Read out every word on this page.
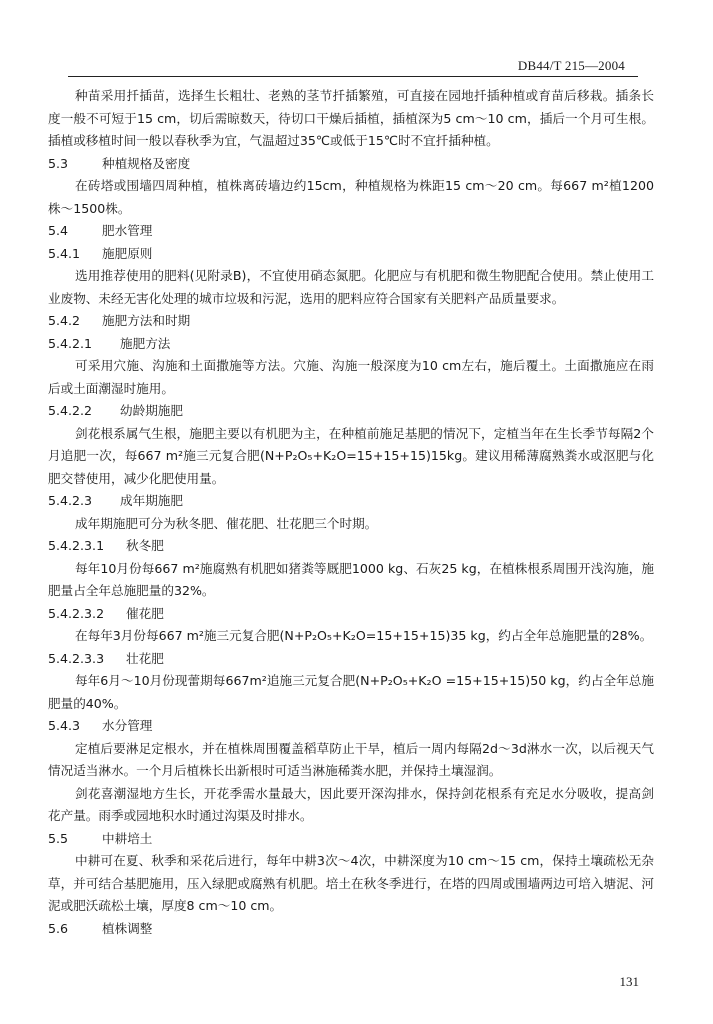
DB44/T 215—2004

种苗采用扦插苗，选择生长粗壮、老熟的茎节扦插繁殖，可直接在园地扦插种植或育苗后移栽。插条长度一般不可短于15 cm，切后需晾数天，待切口干燥后插植，插植深为5 cm～10 cm，插后一个月可生根。插植或移植时间一般以春秋季为宜，气温超过35℃或低于15℃时不宜扦插种植。

5.3	种植规格及密度

在砖塔或围墙四周种植，植株离砖墙边约15cm，种植规格为株距15 cm～20 cm。每667 m²植1200株～1500株。

5.4	肥水管理
5.4.1 施肥原则

选用推荐使用的肥料(见附录B)，不宜使用硝态氮肥。化肥应与有机肥和微生物肥配合使用。禁止使用工业废物、未经无害化处理的城市垃圾和污泥，选用的肥料应符合国家有关肥料产品质量要求。

5.4.2 施肥方法和时期
5.4.2.1 施肥方法

可采用穴施、沟施和土面撒施等方法。穴施、沟施一般深度为10 cm左右，施后覆土。土面撒施应在雨后或土面潮湿时施用。

5.4.2.2 幼龄期施肥

剑花根系属气生根，施肥主要以有机肥为主，在种植前施足基肥的情况下，定植当年在生长季节每隔2个月追肥一次，每667 m²施三元复合肥(N+P₂O₅+K₂O=15+15+15)15kg。建议用稀薄腐熟粪水或沤肥与化肥交替使用，减少化肥使用量。

5.4.2.3 成年期施肥

成年期施肥可分为秋冬肥、催花肥、壮花肥三个时期。

5.4.2.3.1 秋冬肥

每年10月份每667 m²施腐熟有机肥如猪粪等厩肥1000 kg、石灰25 kg，在植株根系周围开浅沟施，施肥量占全年总施肥量的32%。

5.4.2.3.2 催花肥

在每年3月份每667 m²施三元复合肥(N+P₂O₅+K₂O=15+15+15)35 kg，约占全年总施肥量的28%。

5.4.2.3.3 壮花肥

每年6月～10月份现蕾期每667m²追施三元复合肥(N+P₂O₅+K₂O =15+15+15)50 kg，约占全年总施肥量的40%。

5.4.3 水分管理

定植后要淋足定根水，并在植株周围覆盖稻草防止干旱，植后一周内每隔2d～3d淋水一次，以后视天气情况适当淋水。一个月后植株长出新根时可适当淋施稀粪水肥，并保持土壤湿润。

剑花喜潮湿地方生长，开花季需水量最大，因此要开深沟排水，保持剑花根系有充足水分吸收，提高剑花产量。雨季或园地积水时通过沟渠及时排水。

5.5	中耕培土

中耕可在夏、秋季和采花后进行，每年中耕3次～4次，中耕深度为10 cm～15 cm，保持土壤疏松无杂草，并可结合基肥施用，压入绿肥或腐熟有机肥。培土在秋冬季进行，在塔的四周或围墙两边可培入塘泥、河泥或肥沃疏松土壤，厚度8 cm～10 cm。

5.6	植株调整
131
